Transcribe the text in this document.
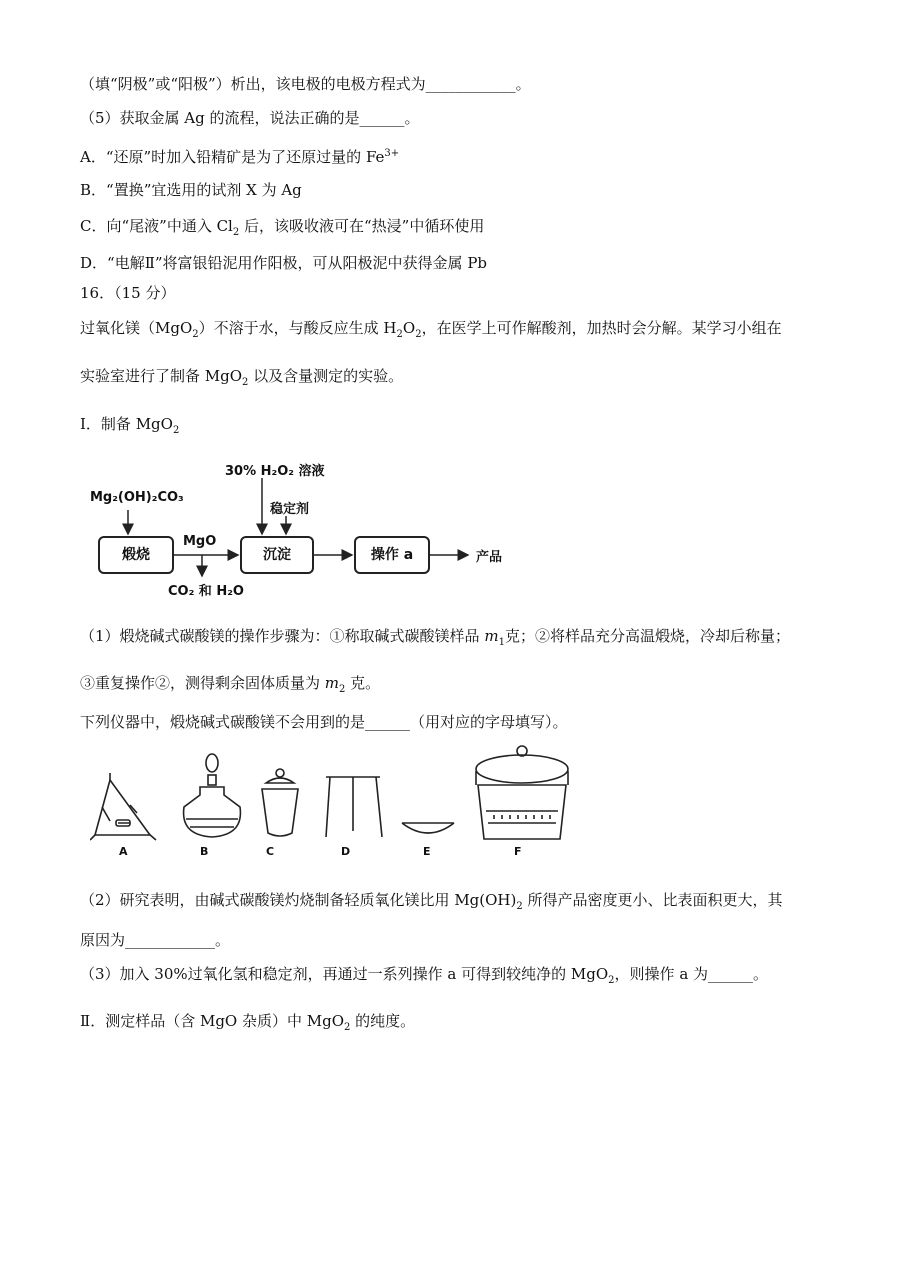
（填“阴极”或“阳极”）析出，该电极的电极方程式为____________。
（5）获取金属 Ag 的流程，说法正确的是______。
A．“还原”时加入铅精矿是为了还原过量的 $Fe^{3+}$
B．“置换”宜选用的试剂 X 为 Ag
C．向“尾液”中通入 $Cl_2$ 后，该吸收液可在“热浸”中循环使用
D．“电解Ⅱ”将富银铅泥用作阳极，可从阳极泥中获得金属 Pb
16．（15 分）
过氧化镁（MgO$_2$）不溶于水，与酸反应生成 $H_2O_2$，在医学上可作解酸剂，加热时会分解。某学习小组在
实验室进行了制备 MgO$_2$ 以及含量测定的实验。
Ⅰ．制备 MgO$_2$
Mg₂(OH)₂CO₃
煅烧
MgO
CO₂ 和 H₂O
30% H₂O₂ 溶液
稳定剂
沉淀	操作 a	产品
（1）煅烧碱式碳酸镁的操作步骤为：①称取碱式碳酸镁样品 $m_1$克；②将样品充分高温煅烧，冷却后称量；
③重复操作②，测得剩余固体质量为 $m_2$ 克。
下列仪器中，煅烧碱式碳酸镁不会用到的是______（用对应的字母填写）。
A	B	C	D	E	F
（2）研究表明，由碱式碳酸镁灼烧制备轻质氧化镁比用 $Mg(OH)_2$ 所得产品密度更小、比表面积更大，其
原因为____________。
（3）加入 30%过氧化氢和稳定剂，再通过一系列操作 a 可得到较纯净的 MgO$_2$，则操作 a 为______。
Ⅱ．测定样品（含 MgO 杂质）中 MgO$_2$ 的纯度。
